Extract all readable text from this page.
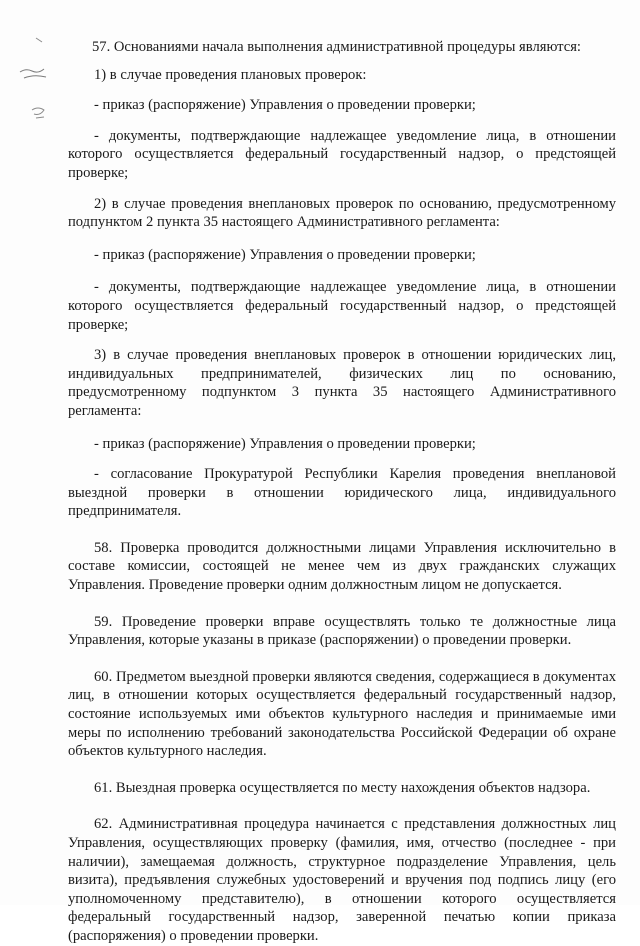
57. Основаниями начала выполнения административной процедуры являются:

1) в случае проведения плановых проверок:

- приказ (распоряжение) Управления о проведении проверки;

- документы, подтверждающие надлежащее уведомление лица, в отношении которого осуществляется федеральный государственный надзор, о предстоящей проверке;

2) в случае проведения внеплановых проверок по основанию, предусмотренному подпунктом 2 пункта 35 настоящего Административного регламента:

- приказ (распоряжение) Управления о проведении проверки;

- документы, подтверждающие надлежащее уведомление лица, в отношении которого осуществляется федеральный государственный надзор, о предстоящей проверке;

3) в случае проведения внеплановых проверок в отношении юридических лиц, индивидуальных предпринимателей, физических лиц по основанию, предусмотренному подпунктом 3 пункта 35 настоящего Административного регламента:

- приказ (распоряжение) Управления о проведении проверки;

- согласование Прокуратурой Республики Карелия проведения внеплановой выездной проверки в отношении юридического лица, индивидуального предпринимателя.

58. Проверка проводится должностными лицами Управления исключительно в составе комиссии, состоящей не менее чем из двух гражданских служащих Управления. Проведение проверки одним должностным лицом не допускается.

59. Проведение проверки вправе осуществлять только те должностные лица Управления, которые указаны в приказе (распоряжении) о проведении проверки.

60. Предметом выездной проверки являются сведения, содержащиеся в документах лиц, в отношении которых осуществляется федеральный государственный надзор, состояние используемых ими объектов культурного наследия и принимаемые ими меры по исполнению требований законодательства Российской Федерации об охране объектов культурного наследия.

61. Выездная проверка осуществляется по месту нахождения объектов надзора.

62. Административная процедура начинается с представления должностных лиц Управления, осуществляющих проверку (фамилия, имя, отчество (последнее - при наличии), замещаемая должность, структурное подразделение Управления, цель визита), предъявления служебных удостоверений и вручения под подпись лицу (его уполномоченному представителю), в отношении которого осуществляется федеральный государственный надзор, заверенной печатью копии приказа (распоряжения) о проведении проверки.
